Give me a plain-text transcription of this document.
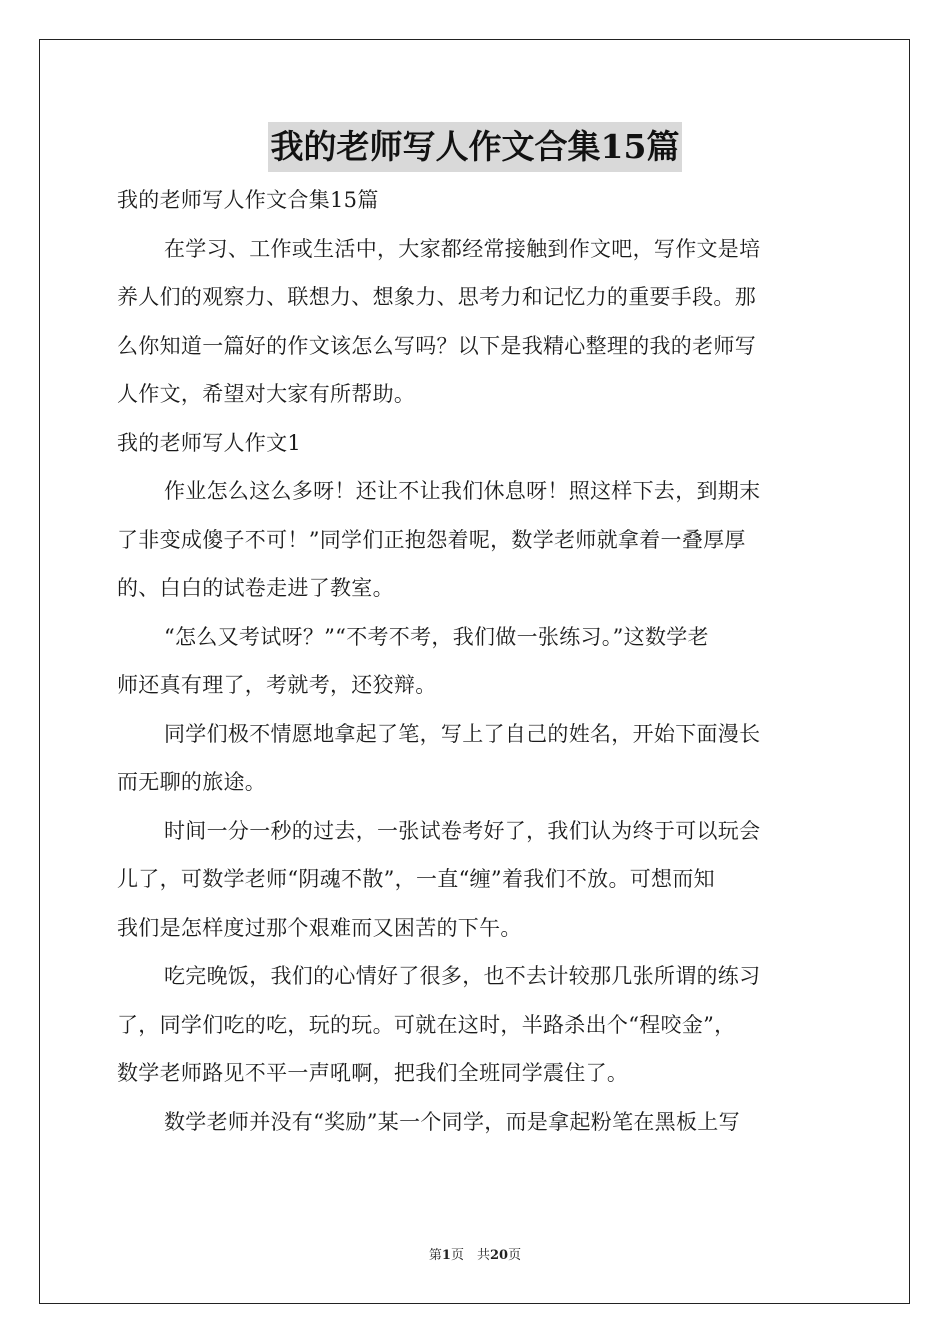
我的老师写人作文合集15篇
我的老师写人作文合集15篇
在学习、工作或生活中，大家都经常接触到作文吧，写作文是培
养人们的观察力、联想力、想象力、思考力和记忆力的重要手段。那
么你知道一篇好的作文该怎么写吗？以下是我精心整理的我的老师写
人作文，希望对大家有所帮助。
我的老师写人作文1
作业怎么这么多呀！还让不让我们休息呀！照这样下去，到期末
了非变成傻子不可！”同学们正抱怨着呢，数学老师就拿着一叠厚厚
的、白白的试卷走进了教室。
“怎么又考试呀？”“不考不考，我们做一张练习。”这数学老
师还真有理了，考就考，还狡辩。
同学们极不情愿地拿起了笔，写上了自己的姓名，开始下面漫长
而无聊的旅途。
时间一分一秒的过去，一张试卷考好了，我们认为终于可以玩会
儿了，可数学老师“阴魂不散”，一直“缠”着我们不放。可想而知
我们是怎样度过那个艰难而又困苦的下午。
吃完晚饭，我们的心情好了很多，也不去计较那几张所谓的练习
了，同学们吃的吃，玩的玩。可就在这时，半路杀出个“程咬金”，
数学老师路见不平一声吼啊，把我们全班同学震住了。
数学老师并没有“奖励”某一个同学，而是拿起粉笔在黑板上写
第1页　共20页
